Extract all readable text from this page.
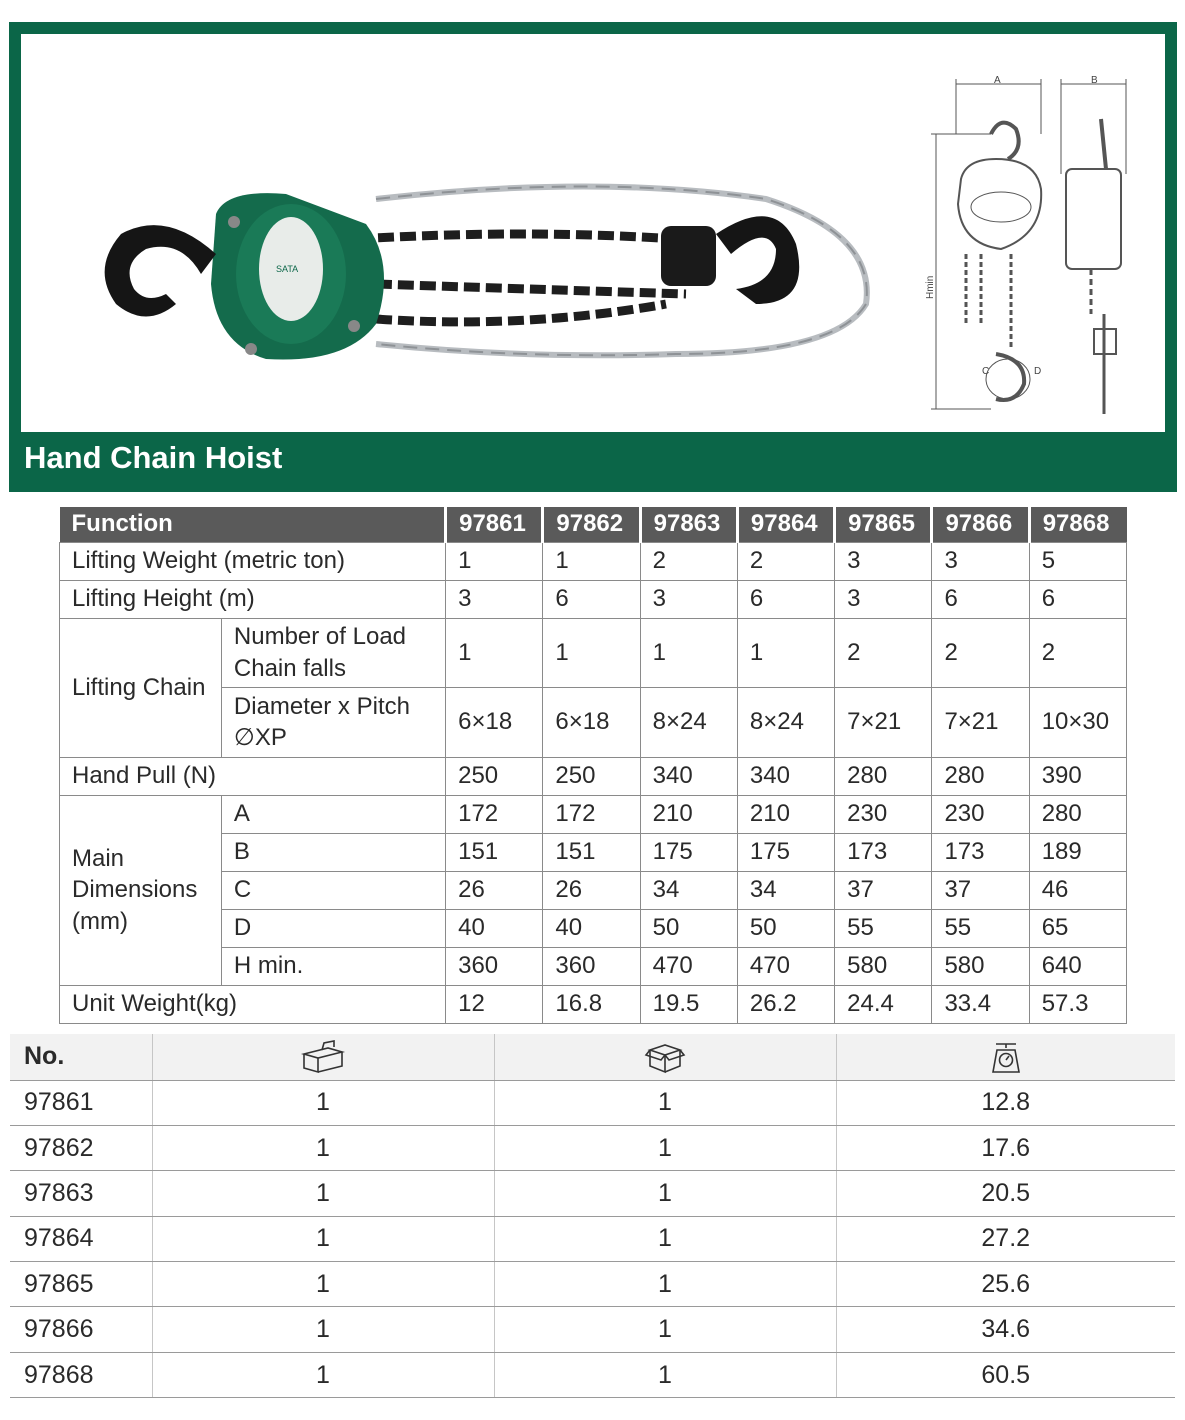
SATA
A	B
Hmin
C	D
Hand Chain Hoist
Function		97861	97862	97863	97864	97865	97866	97868
Lifting Weight (metric ton)		1	1	2	2	3	3	5
Lifting Height (m)		3	6	3	6	3	6	6
Lifting Chain	Number of Load Chain falls	1	1	1	1	2	2	2
	Diameter x Pitch ∅XP	6×18	6×18	8×24	8×24	7×21	7×21	10×30
Hand Pull (N)		250	250	340	340	280	280	390
Main Dimensions (mm)	A	172	172	210	210	230	230	280
	B	151	151	175	175	173	173	189
	C	26	26	34	34	37	37	46
	D	40	40	50	50	55	55	65
	H min.	360	360	470	470	580	580	640
Unit Weight(kg)		12	16.8	19.5	26.2	24.4	33.4	57.3
No.			
97861	1	1	12.8
97862	1	1	17.6
97863	1	1	20.5
97864	1	1	27.2
97865	1	1	25.6
97866	1	1	34.6
97868	1	1	60.5
